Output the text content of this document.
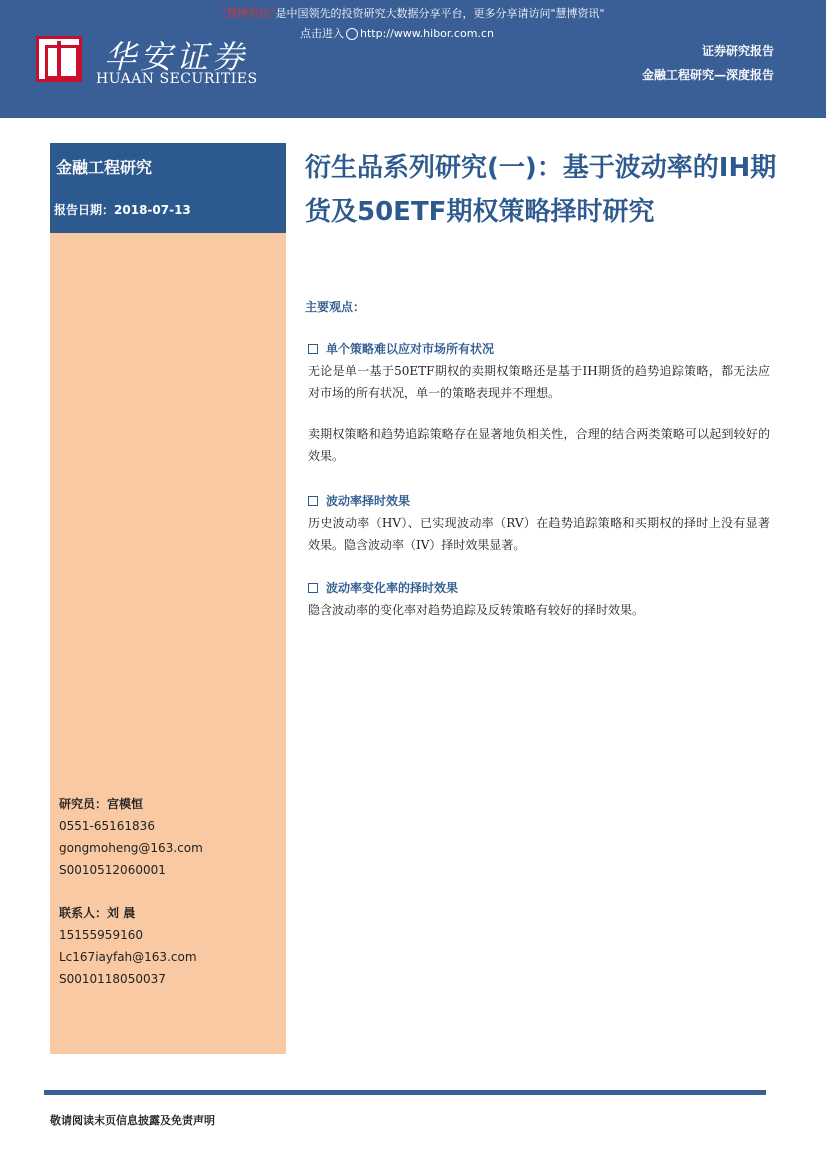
"慧博资讯"是中国领先的投资研究大数据分享平台，更多分享请访问"慧博资讯"
点击进入 http://www.hibor.com.cn
华安证券
HUAAN SECURITIES
证券研究报告
金融工程研究—深度报告
金融工程研究
报告日期：2018-07-13
研究员：宫模恒
0551-65161836
gongmoheng@163.com
S0010512060001
联系人：刘 晨
15155959160
Lc167iayfah@163.com
S0010118050037
衍生品系列研究(一)：基于波动率的IH期货及50ETF期权策略择时研究
主要观点：
单个策略难以应对市场所有状况

无论是单一基于50ETF期权的卖期权策略还是基于IH期货的趋势追踪策略，都无法应对市场的所有状况，单一的策略表现并不理想。

卖期权策略和趋势追踪策略存在显著地负相关性，合理的结合两类策略可以起到较好的效果。

波动率择时效果

历史波动率（HV）、已实现波动率（RV）在趋势追踪策略和买期权的择时上没有显著效果。隐含波动率（IV）择时效果显著。

波动率变化率的择时效果

隐含波动率的变化率对趋势追踪及反转策略有较好的择时效果。

敬请阅读末页信息披露及免责声明
